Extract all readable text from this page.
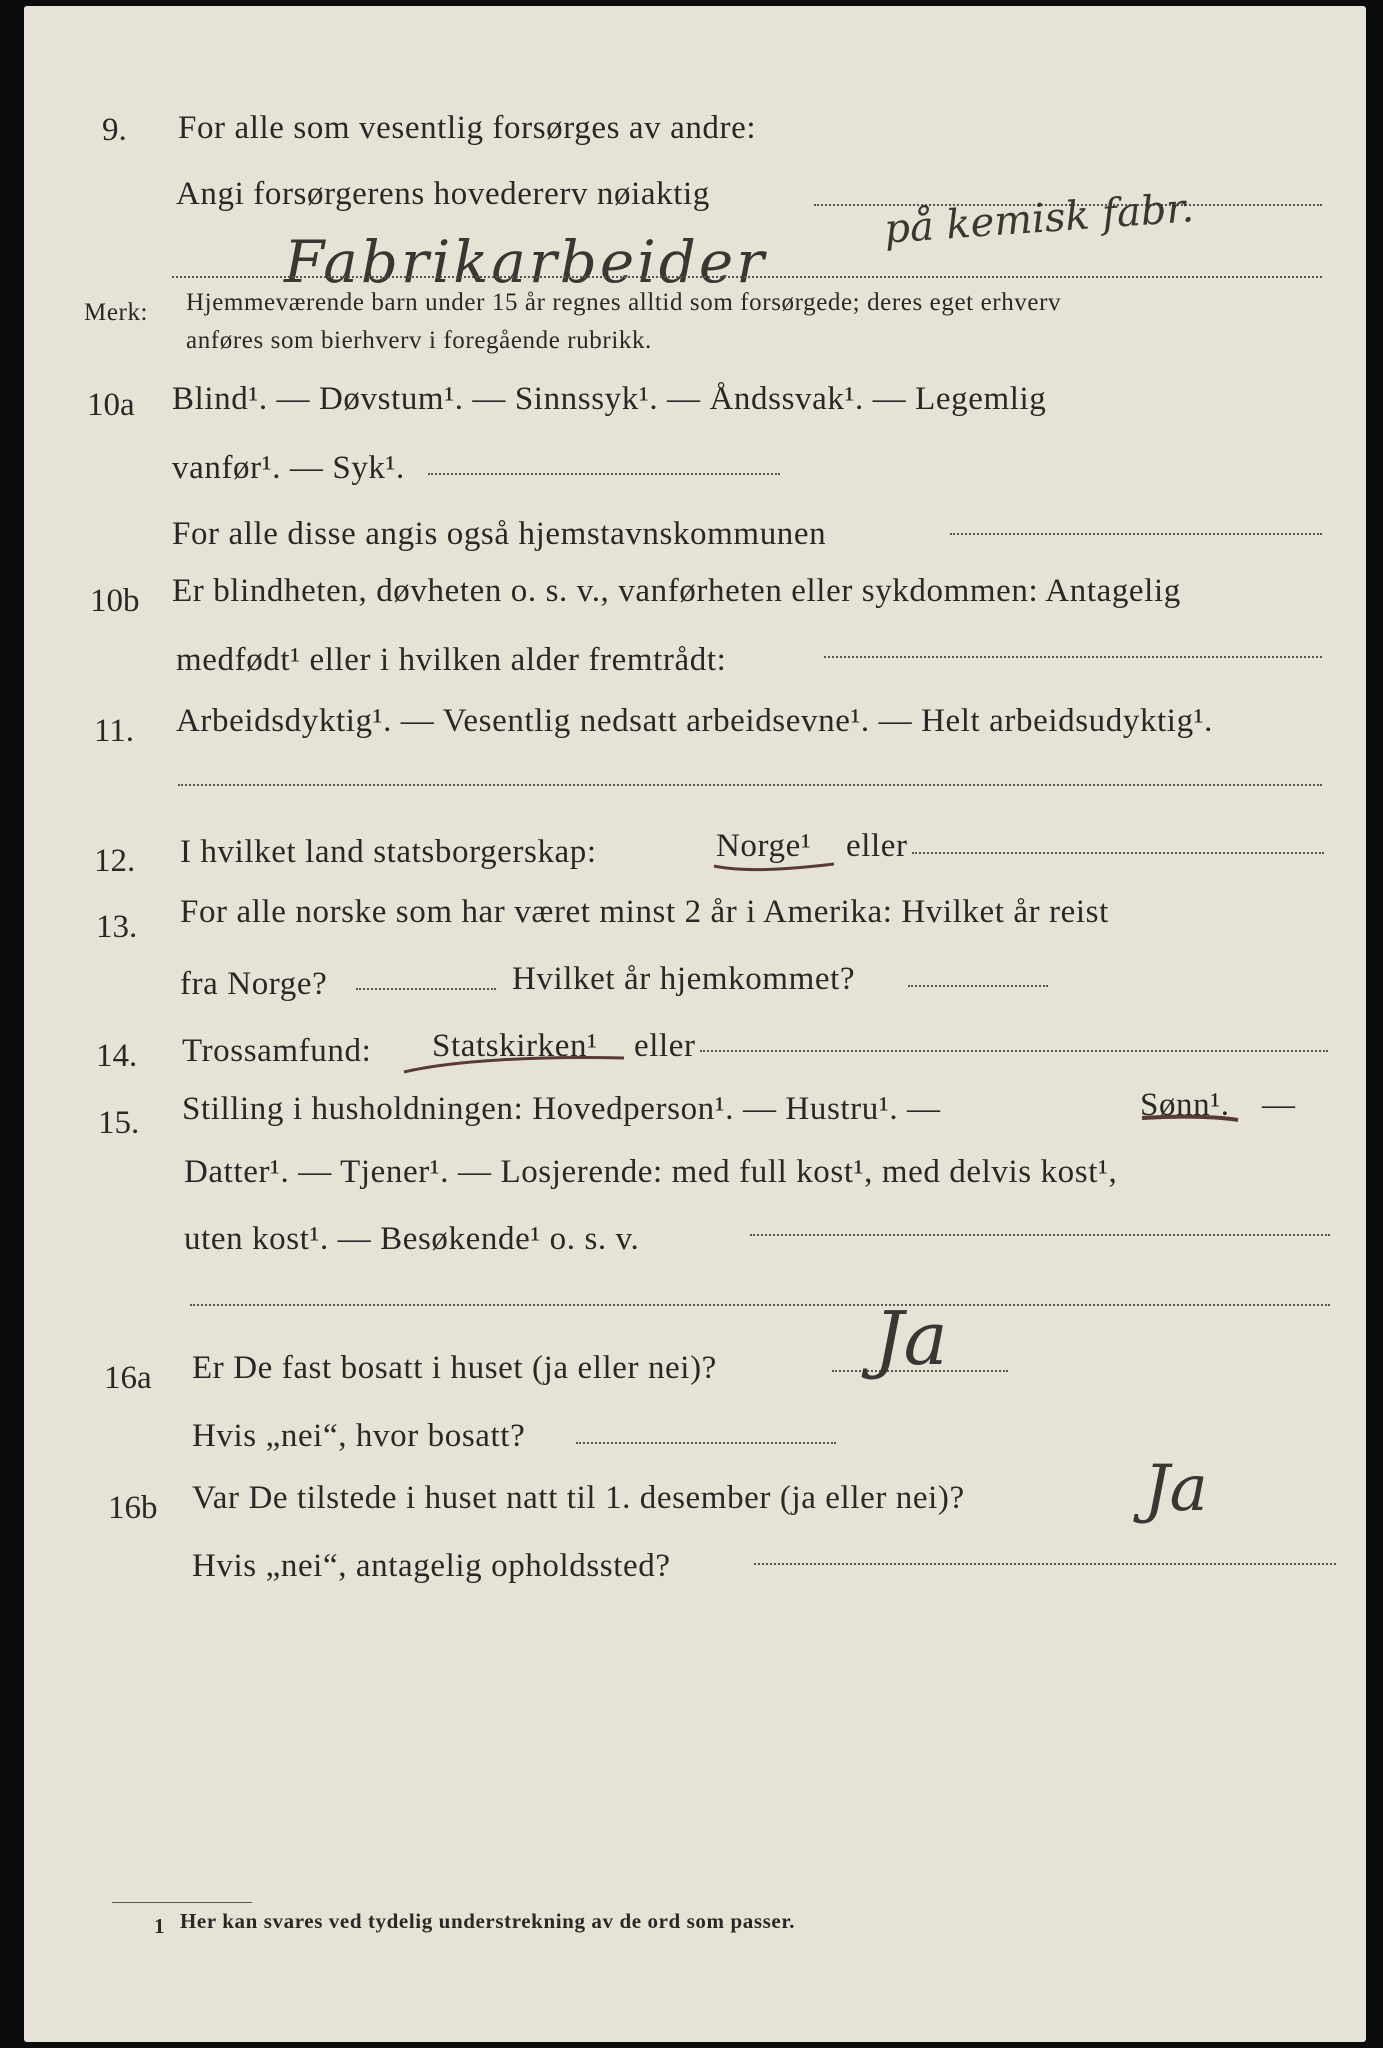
9. For alle som vesentlig forsørges av andre:
Angi forsørgerens hovedererv nøiaktig	på kemisk fabr.
Fabrikarbeider
Merk: Hjemmeværende barn under 15 år regnes alltid som forsørgede; deres eget erhverv
anføres som bierhverv i foregående rubrikk.
10a Blind¹. — Døvstum¹. — Sinnssyk¹. — Åndssvak¹. — Legemlig
vanfør¹. — Syk¹.
For alle disse angis også hjemstavnskommunen
10b Er blindheten, døvheten o. s. v., vanførheten eller sykdommen: Antagelig
medfødt¹ eller i hvilken alder fremtrådt:
11. Arbeidsdyktig¹. — Vesentlig nedsatt arbeidsevne¹. — Helt arbeidsudyktig¹.
12. I hvilket land statsborgerskap:	Norge¹ eller
13. For alle norske som har været minst 2 år i Amerika: Hvilket år reist
fra Norge?	Hvilket år hjemkommet?
14. Trossamfund: Statskirken¹ eller
15. Stilling i husholdningen: Hovedperson¹. — Hustru¹. —	Sønn¹. —
Datter¹. — Tjener¹. — Losjerende: med full kost¹, med delvis kost¹,
uten kost¹. — Besøkende¹ o. s. v.
16a Er De fast bosatt i huset (ja eller nei)?
Hvis „nei“, hvor bosatt?
Ja
16b Var De tilstede i huset natt til 1. desember (ja eller nei)?	Ja
Hvis „nei“, antagelig opholdssted?
1 Her kan svares ved tydelig understrekning av de ord som passer.
